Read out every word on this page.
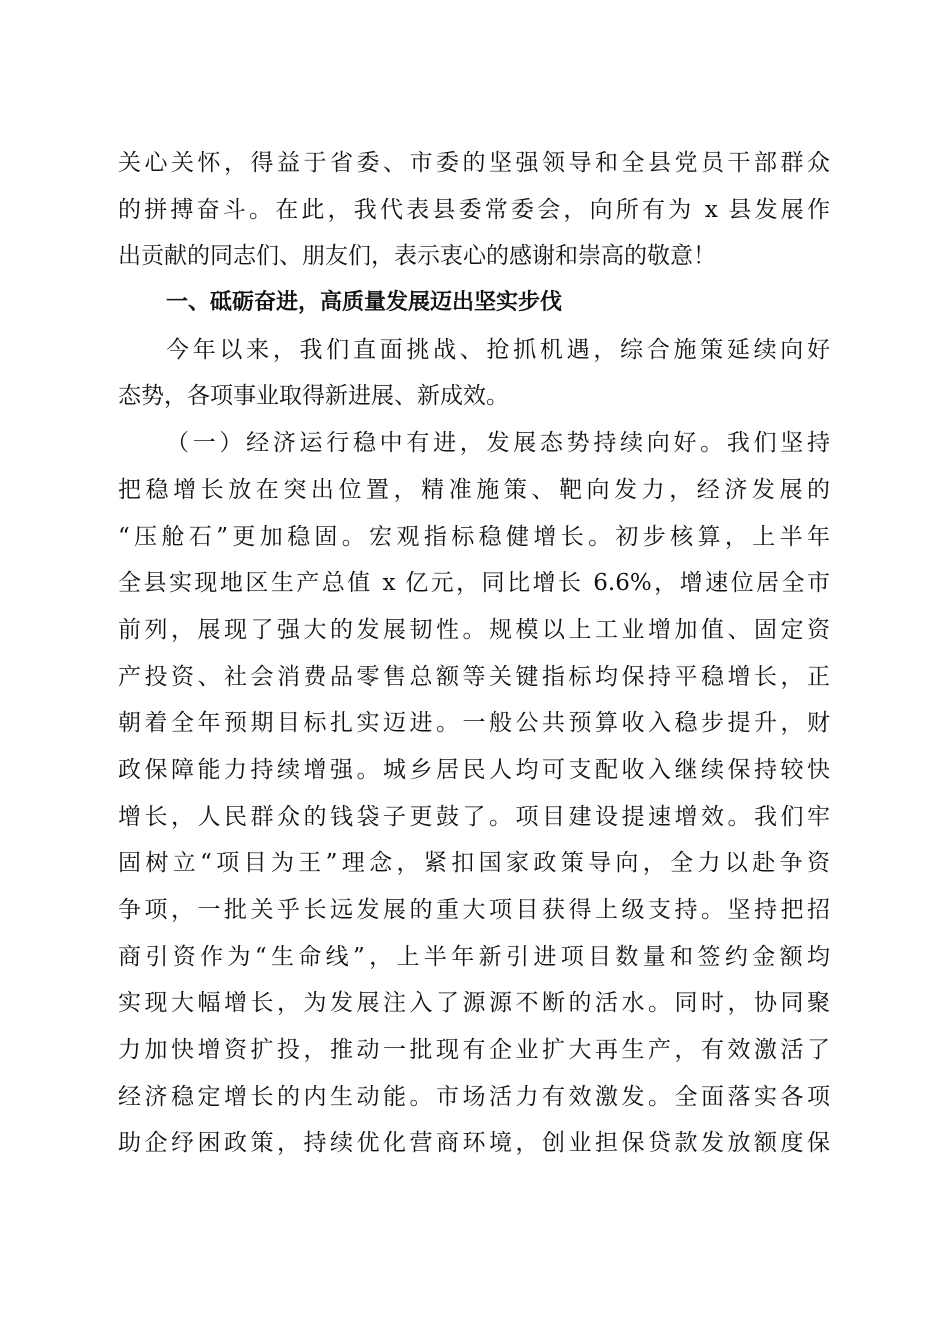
关心关怀，得益于省委、市委的坚强领导和全县党员干部群众
的拼搏奋斗。在此，我代表县委常委会，向所有为 x 县发展作
出贡献的同志们、朋友们，表示衷心的感谢和崇高的敬意！
一、砥砺奋进，高质量发展迈出坚实步伐
今年以来，我们直面挑战、抢抓机遇，综合施策延续向好
态势，各项事业取得新进展、新成效。
（一）经济运行稳中有进，发展态势持续向好。我们坚持
把稳增长放在突出位置，精准施策、靶向发力，经济发展的
“压舱石”更加稳固。宏观指标稳健增长。初步核算，上半年
全县实现地区生产总值 x 亿元，同比增长 6.6%，增速位居全市
前列，展现了强大的发展韧性。规模以上工业增加值、固定资
产投资、社会消费品零售总额等关键指标均保持平稳增长，正
朝着全年预期目标扎实迈进。一般公共预算收入稳步提升，财
政保障能力持续增强。城乡居民人均可支配收入继续保持较快
增长，人民群众的钱袋子更鼓了。项目建设提速增效。我们牢
固树立“项目为王”理念，紧扣国家政策导向，全力以赴争资
争项，一批关乎长远发展的重大项目获得上级支持。坚持把招
商引资作为“生命线”，上半年新引进项目数量和签约金额均
实现大幅增长，为发展注入了源源不断的活水。同时，协同聚
力加快增资扩投，推动一批现有企业扩大再生产，有效激活了
经济稳定增长的内生动能。市场活力有效激发。全面落实各项
助企纾困政策，持续优化营商环境，创业担保贷款发放额度保
